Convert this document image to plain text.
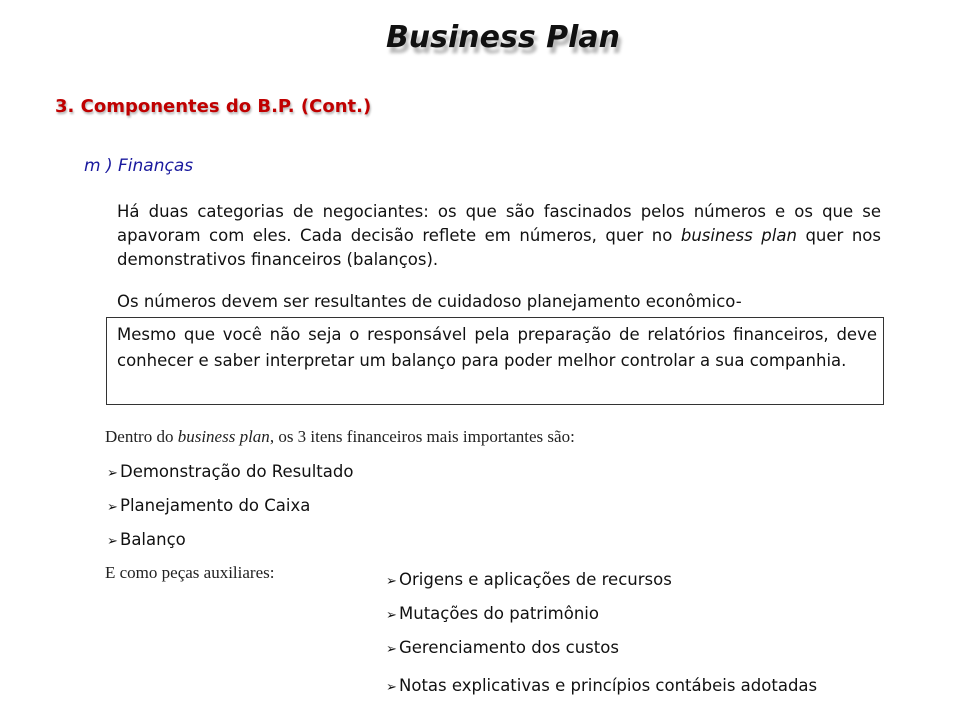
Business Plan
3. Componentes do B.P. (Cont.)
m ) Finanças
Há duas categorias de negociantes: os que são fascinados pelos números e os que se apavoram com eles. Cada decisão reflete em números, quer no business plan quer nos demonstrativos financeiros (balanços).
Os números devem ser resultantes de cuidadoso planejamento econômico-
Mesmo que você não seja o responsável pela preparação de relatórios financeiros, deve conhecer e saber interpretar um balanço para poder melhor controlar a sua companhia.
Dentro do business plan, os 3 itens financeiros mais importantes são:
➢ Demonstração do Resultado
➢ Planejamento do Caixa
➢ Balanço
E como peças auxiliares:	➢ Origens e aplicações de recursos
➢ Mutações do patrimônio
➢ Gerenciamento dos custos
➢ Notas explicativas e princípios contábeis adotadas
